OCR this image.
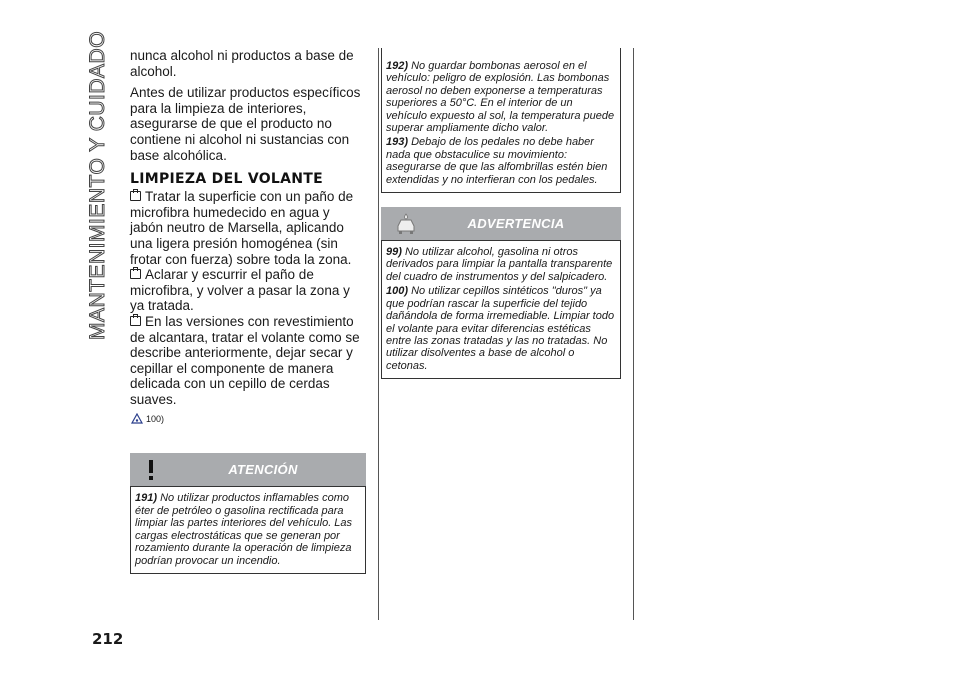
MANTENIMIENTO Y CUIDADO
212

nunca alcohol ni productos a base de alcohol.

Antes de utilizar productos específicos para la limpieza de interiores, asegurarse de que el producto no contiene ni alcohol ni sustancias con base alcohólica.

LIMPIEZA DEL VOLANTE

Tratar la superficie con un paño de microfibra humedecido en agua y jabón neutro de Marsella, aplicando una ligera presión homogénea (sin frotar con fuerza) sobre toda la zona.

Aclarar y escurrir el paño de microfibra, y volver a pasar la zona y ya tratada.

En las versiones con revestimiento de alcantara, tratar el volante como se describe anteriormente, dejar secar y cepillar el componente de manera delicada con un cepillo de cerdas suaves.

100)
ATENCIÓN

191) No utilizar productos inflamables como éter de petróleo o gasolina rectificada para limpiar las partes interiores del vehículo. Las cargas electrostáticas que se generan por rozamiento durante la operación de limpieza podrían provocar un incendio.

192) No guardar bombonas aerosol en el vehículo: peligro de explosión. Las bombonas aerosol no deben exponerse a temperaturas superiores a 50°C. En el interior de un vehículo expuesto al sol, la temperatura puede superar ampliamente dicho valor.

193) Debajo de los pedales no debe haber nada que obstaculice su movimiento: asegurarse de que las alfombrillas estén bien extendidas y no interfieran con los pedales.

ADVERTENCIA

99) No utilizar alcohol, gasolina ni otros derivados para limpiar la pantalla transparente del cuadro de instrumentos y del salpicadero.

100) No utilizar cepillos sintéticos "duros" ya que podrían rascar la superficie del tejido dañándola de forma irremediable. Limpiar todo el volante para evitar diferencias estéticas entre las zonas tratadas y las no tratadas. No utilizar disolventes a base de alcohol o cetonas.
